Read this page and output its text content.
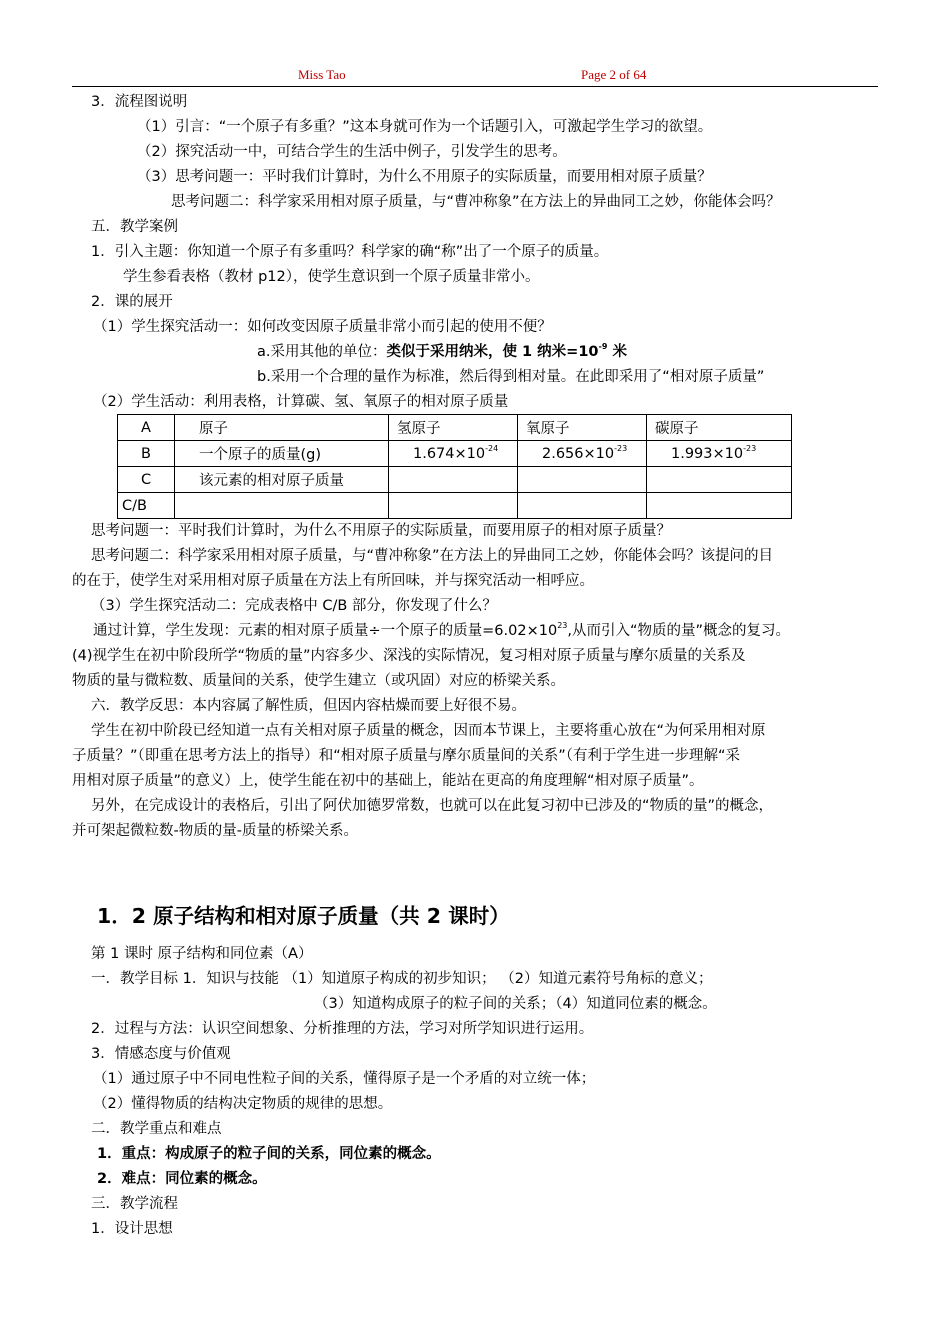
Miss Tao	Page 2 of 64
3．流程图说明
（1）引言：“一个原子有多重？”这本身就可作为一个话题引入，可激起学生学习的欲望。
（2）探究活动一中，可结合学生的生活中例子，引发学生的思考。
（3）思考问题一：平时我们计算时，为什么不用原子的实际质量，而要用相对原子质量？
思考问题二：科学家采用相对原子质量，与“曹冲称象”在方法上的异曲同工之妙，你能体会吗？
五．教学案例
1．引入主题：你知道一个原子有多重吗？科学家的确“称”出了一个原子的质量。
学生参看表格（教材 p12），使学生意识到一个原子质量非常小。
2．课的展开
（1）学生探究活动一：如何改变因原子质量非常小而引起的使用不便？
a.采用其他的单位：类似于采用纳米，使 1 纳米$=10^{-9}$ 米
b.采用一个合理的量作为标准，然后得到相对量。在此即采用了“相对原子质量”
（2）学生活动：利用表格，计算碳、氢、氧原子的相对原子质量
A	原子	氢原子	氧原子	碳原子
B	一个原子的质量(g)	$1.674\times 10^{-24}$	$2.656\times 10^{-23}$	$1.993\times 10^{-23}$
C	该元素的相对原子质量			
C/B				
思考问题一：平时我们计算时，为什么不用原子的实际质量，而要用原子的相对原子质量？
思考问题二：科学家采用相对原子质量，与“曹冲称象”在方法上的异曲同工之妙，你能体会吗？该提问的目
的在于，使学生对采用相对原子质量在方法上有所回味，并与探究活动一相呼应。
（3）学生探究活动二：完成表格中 C/B 部分，你发现了什么？
通过计算，学生发现：元素的相对原子质量÷一个原子的质量$=6.02\times 10^{23}$,从而引入“物质的量”概念的复习。
(4)视学生在初中阶段所学“物质的量”内容多少、深浅的实际情况，复习相对原子质量与摩尔质量的关系及
物质的量与微粒数、质量间的关系，使学生建立（或巩固）对应的桥梁关系。
六．教学反思：本内容属了解性质，但因内容枯燥而要上好很不易。
学生在初中阶段已经知道一点有关相对原子质量的概念，因而本节课上，主要将重心放在“为何采用相对原
子质量？”（即重在思考方法上的指导）和“相对原子质量与摩尔质量间的关系”（有利于学生进一步理解“采
用相对原子质量”的意义）上，使学生能在初中的基础上，能站在更高的角度理解“相对原子质量”。
另外，在完成设计的表格后，引出了阿伏加德罗常数，也就可以在此复习初中已涉及的“物质的量”的概念，
并可架起微粒数-物质的量-质量的桥梁关系。
1．2 原子结构和相对原子质量（共 2 课时）
第 1 课时 原子结构和同位素（A）
一．教学目标 1．知识与技能 （1）知道原子构成的初步知识； （2）知道元素符号角标的意义；
（3）知道构成原子的粒子间的关系；（4）知道同位素的概念。
2．过程与方法：认识空间想象、分析推理的方法，学习对所学知识进行运用。
3．情感态度与价值观
（1）通过原子中不同电性粒子间的关系，懂得原子是一个矛盾的对立统一体；
（2）懂得物质的结构决定物质的规律的思想。
二．教学重点和难点
1．重点：构成原子的粒子间的关系，同位素的概念。
2．难点：同位素的概念。
三．教学流程
1．设计思想
